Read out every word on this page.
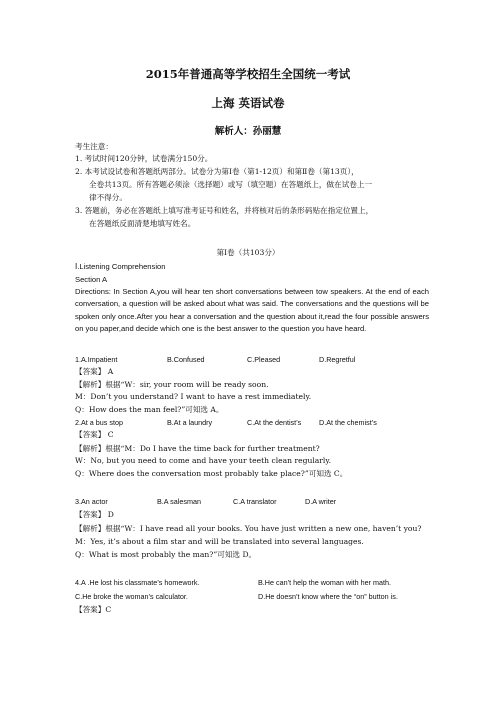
2015年普通高等学校招生全国统一考试
上海 英语试卷
解析人：孙丽慧
考生注意：
1. 考试时间120分钟，试卷满分150分。
2. 本考试设试卷和答题纸两部分。试卷分为第Ⅰ卷（第1-12页）和第Ⅱ卷（第13页），
全卷共13页。所有答题必须涂（选择题）或写（填空题）在答题纸上，做在试卷上一
律不得分。
3. 答题前，务必在答题纸上填写准考证号和姓名，并将核对后的条形码贴在指定位置上，
在答题纸反面清楚地填写姓名。
第Ⅰ卷（共103分）
Ⅰ.Listening Comprehension
Section A
Directions: In Section A,you will hear ten short conversations between tow speakers. At the end of each conversation, a question will be asked about what was said. The conversations and the questions will be spoken only once.After you hear a conversation and the question about it,read the four possible answers on you paper,and decide which one is the best answer to the question you have heard.
1.A.Impatient	B.Confused	C.Pleased	D.Regretful
【答案】 A
【解析】根据“W：sir, your room will be ready soon.
M：Don’t you understand? I want to have a rest immediately.
Q：How does the man feel?”可知选 A。
2.At a bus stop	B.At a laundry	C.At the dentist’s D.At the chemist’s
【答案】 C
【解析】根据“M：Do I have the time back for further treatment?
W：No, but you need to come and have your teeth clean regularly.
Q：Where does the conversation most probably take place?”可知选 C。
3.An actor	B.A salesman	C.A translator	D.A writer
【答案】 D
【解析】根据“W：I have read all your books. You have just written a new one, haven’t you?
M：Yes, it’s about a film star and will be translated into several languages.
Q：What is most probably the man?”可知选 D。
4.A .He lost his classmate’s homework.	B.He can’t help the woman with her math.
C.He broke the woman’s calculator.	D.He doesn’t know where the “on” button is.
【答案】C
